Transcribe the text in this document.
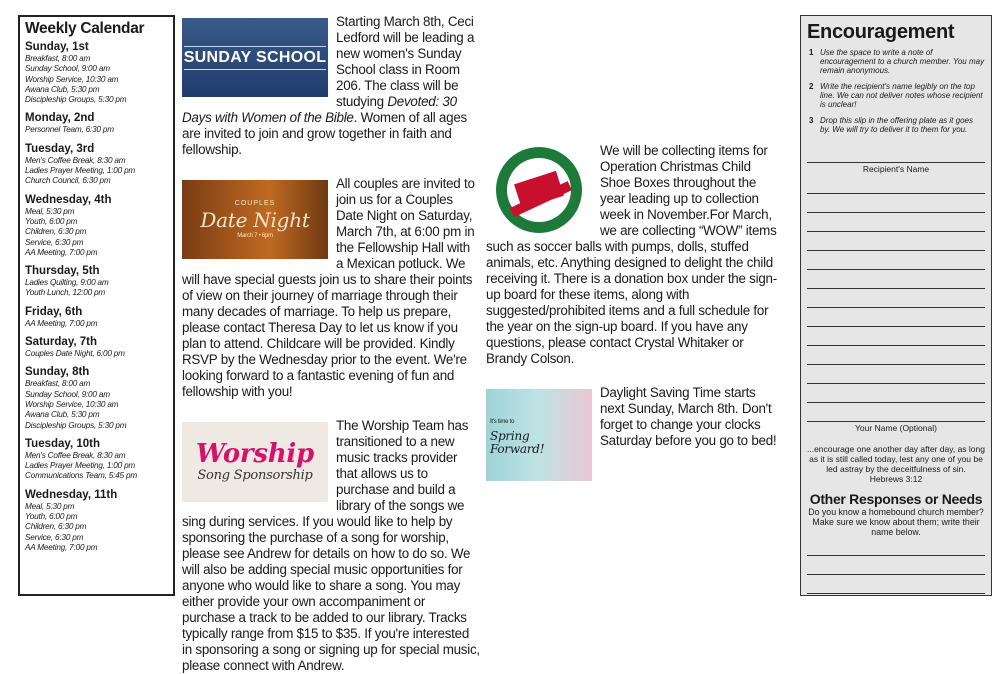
Weekly Calendar
Sunday, 1st
Breakfast, 8:00 am
Sunday School, 9:00 am
Worship Service, 10:30 am
Awana Club, 5:30 pm
Discipleship Groups, 5:30 pm
Monday, 2nd
Personnel Team, 6:30 pm
Tuesday, 3rd
Men's Coffee Break, 8:30 am
Ladies Prayer Meeting, 1:00 pm
Church Council, 6:30 pm
Wednesday, 4th
Meal, 5:30 pm
Youth, 6:00 pm
Children, 6:30 pm
Service, 6:30 pm
AA Meeting, 7:00 pm
Thursday, 5th
Ladies Quilting, 9:00 am
Youth Lunch, 12:00 pm
Friday, 6th
AA Meeting, 7:00 pm
Saturday, 7th
Couples Date Night, 6:00 pm
Sunday, 8th
Breakfast, 8:00 am
Sunday School, 9:00 am
Worship Service, 10:30 am
Awana Club, 5:30 pm
Discipleship Groups, 5:30 pm
Tuesday, 10th
Men's Coffee Break, 8:30 am
Ladies Prayer Meeting, 1:00 pm
Communications Team, 5:45 pm
Wednesday, 11th
Meal, 5:30 pm
Youth, 6:00 pm
Children, 6:30 pm
Service, 6:30 pm
AA Meeting, 7:00 pm
SUNDAY SCHOOL
Starting March 8th, Ceci Ledford will be leading a new women's Sunday School class in Room 206. The class will be studying Devoted: 30 Days with Women of the Bible. Women of all ages are invited to join and grow together in faith and fellowship.
COUPLES
Date Night
March 7 • 6pm
All couples are invited to join us for a Couples Date Night on Saturday, March 7th, at 6:00 pm in the Fellowship Hall with a Mexican potluck. We will have special guests join us to share their points of view on their journey of marriage through their many decades of marriage. To help us prepare, please contact Theresa Day to let us know if you plan to attend. Childcare will be provided. Kindly RSVP by the Wednesday prior to the event. We're looking forward to a fantastic evening of fun and fellowship with you!
Worship
Song Sponsorship
The Worship Team has transitioned to a new music tracks provider that allows us to purchase and build a library of the songs we sing during services. If you would like to help by sponsoring the purchase of a song for worship, please see Andrew for details on how to do so. We will also be adding special music opportunities for anyone who would like to share a song. You may either provide your own accompaniment or purchase a track to be added to our library. Tracks typically range from $15 to $35. If you're interested in sponsoring a song or signing up for special music, please connect with Andrew.
We will be collecting items for Operation Christmas Child Shoe Boxes throughout the year leading up to collection week in November.For March, we are collecting “WOW” items such as soccer balls with pumps, dolls, stuffed animals, etc. Anything designed to delight the child receiving it. There is a donation box under the sign-up board for these items, along with suggested/prohibited items and a full schedule for the year on the sign-up board. If you have any questions, please contact Crystal Whitaker or Brandy Colson.
It's time to
Spring Forward!
Daylight Saving Time starts next Sunday, March 8th. Don't forget to change your clocks Saturday before you go to bed!
Encouragement
1 Use the space to write a note of encouragement to a church member. You may remain anonymous.
2 Write the recipient's name legibly on the top line. We can not deliver notes whose recipient is unclear!
3 Drop this slip in the offering plate as it goes by. We will try to deliver it to them for you.
Recipient's Name
Your Name (Optional)
...encourage one another day after day, as long as it is still called today, lest any one of you be led astray by the deceitfulness of sin.
Hebrews 3:12
Other Responses or Needs
Do you know a homebound church member? Make sure we know about them; write their name below.
